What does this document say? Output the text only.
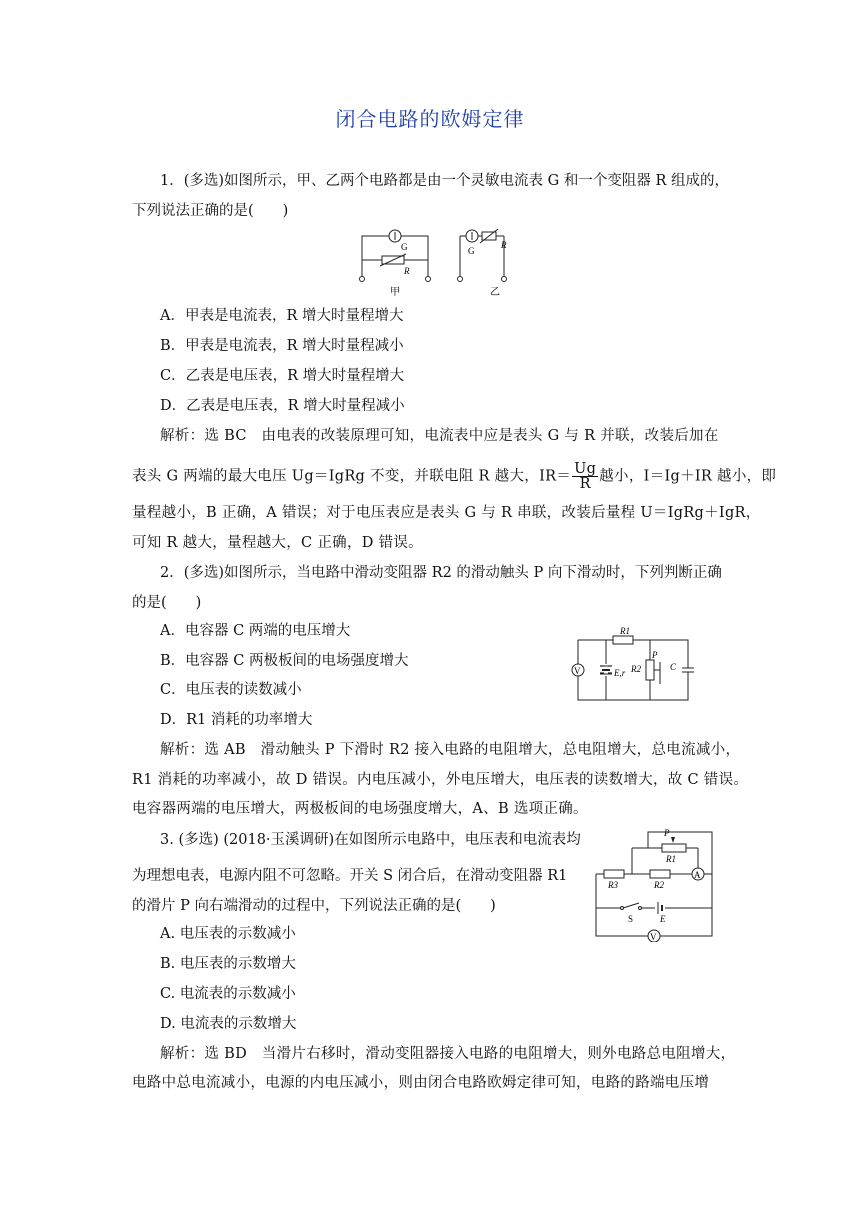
闭合电路的欧姆定律
1．(多选)如图所示，甲、乙两个电路都是由一个灵敏电流表 G 和一个变阻器 R 组成的，
下列说法正确的是(　　)
G
R
G
R
甲	乙
A．甲表是电流表，R 增大时量程增大
B．甲表是电流表，R 增大时量程减小
C．乙表是电压表，R 增大时量程增大
D．乙表是电压表，R 增大时量程减小
解析：选 BC　由电表的改装原理可知，电流表中应是表头 G 与 R 并联，改装后加在
表头 G 两端的最大电压 Ug＝IgRg 不变，并联电阻 R 越大，$IR= \frac{Ug}{R}$ 越小，I＝Ig＋IR 越小，即
量程越小，B 正确，A 错误；对于电压表应是表头 G 与 R 串联，改装后量程 U＝IgRg＋IgR，
可知 R 越大，量程越大，C 正确，D 错误。
2．(多选)如图所示，当电路中滑动变阻器 R2 的滑动触头 P 向下滑动时，下列判断正确
的是(　　)
A．电容器 C 两端的电压增大
B．电容器 C 两极板间的电场强度增大
C．电压表的读数减小
D．R1 消耗的功率增大
V
R1
E,r R2
P
C
解析：选 AB　滑动触头 P 下滑时 R2 接入电路的电阻增大，总电阻增大，总电流减小，
R1 消耗的功率减小，故 D 错误。内电压减小，外电压增大，电压表的读数增大，故 C 错误。
电容器两端的电压增大，两极板间的电场强度增大，A、B 选项正确。
3. (多选) (2018·玉溪调研)在如图所示电路中，电压表和电流表均
为理想电表，电源内阻不可忽略。开关 S 闭合后，在滑动变阻器 R1
的滑片 P 向右端滑动的过程中，下列说法正确的是(　　)
A
V
P
R1
R3	R2
S	E
A. 电压表的示数减小
B. 电压表的示数增大
C. 电流表的示数减小
D. 电流表的示数增大
解析：选 BD　当滑片右移时，滑动变阻器接入电路的电阻增大，则外电路总电阻增大，
电路中总电流减小，电源的内电压减小，则由闭合电路欧姆定律可知，电路的路端电压增
